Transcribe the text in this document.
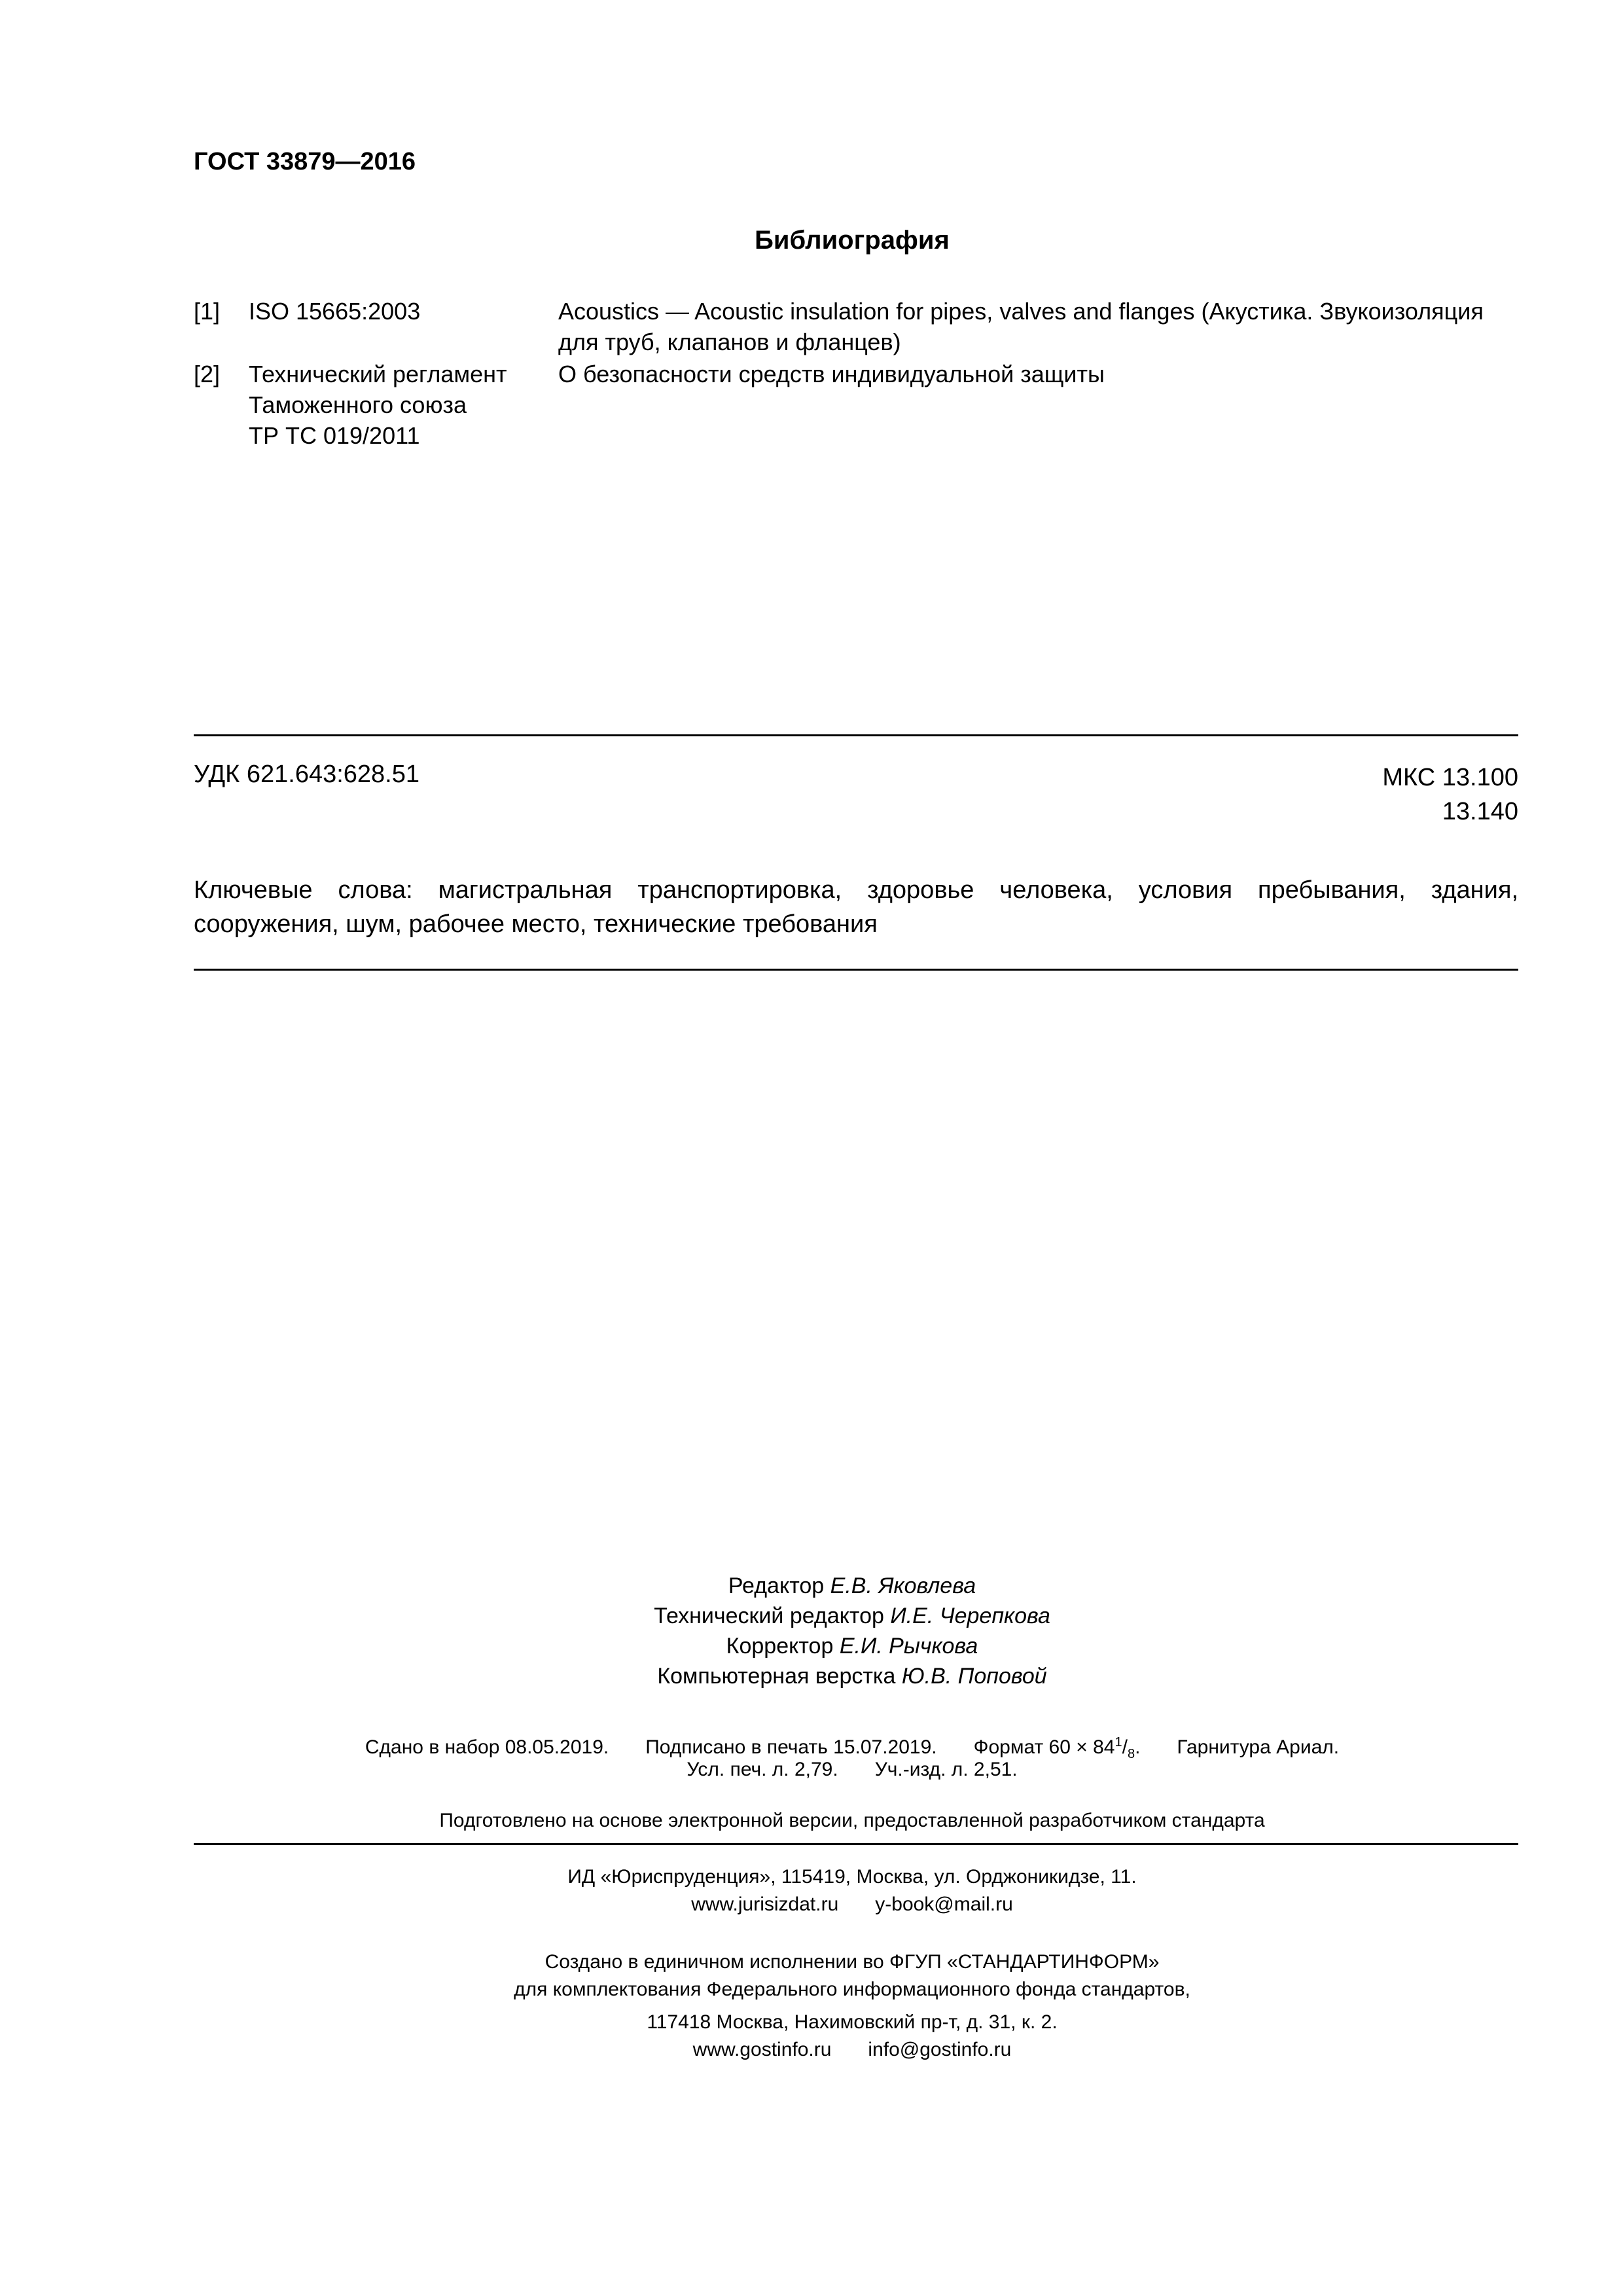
ГОСТ 33879—2016
Библиография
[1] ISO 15665:2003	Acoustics — Acoustic insulation for pipes, valves and flanges (Акустика. Звукоизоляция для труб, клапанов и фланцев)
[2] Технический регламент
Таможенного союза
ТР ТС 019/2011
О безопасности средств индивидуальной защиты
УДК 621.643:628.51	МКС 13.100
13.140
Ключевые слова: магистральная транспортировка, здоровье человека, условия пребывания, здания, сооружения, шум, рабочее место, технические требования
Редактор Е.В. Яковлева
Технический редактор И.Е. Черепкова
Корректор Е.И. Рычкова
Компьютерная верстка Ю.В. Поповой
Сдано в набор 08.05.2019. Подписано в печать 15.07.2019. Формат $60 \times 84^1/_8$. Гарнитура Ариал.
Усл. печ. л. 2,79. Уч.-изд. л. 2,51.
Подготовлено на основе электронной версии, предоставленной разработчиком стандарта
ИД «Юриспруденция», 115419, Москва, ул. Орджоникидзе, 11.
www.jurisizdat.ru y-book@mail.ru
Создано в единичном исполнении во ФГУП «СТАНДАРТИНФОРМ»
для комплектования Федерального информационного фонда стандартов,
117418 Москва, Нахимовский пр-т, д. 31, к. 2.
www.gostinfo.ru info@gostinfo.ru
